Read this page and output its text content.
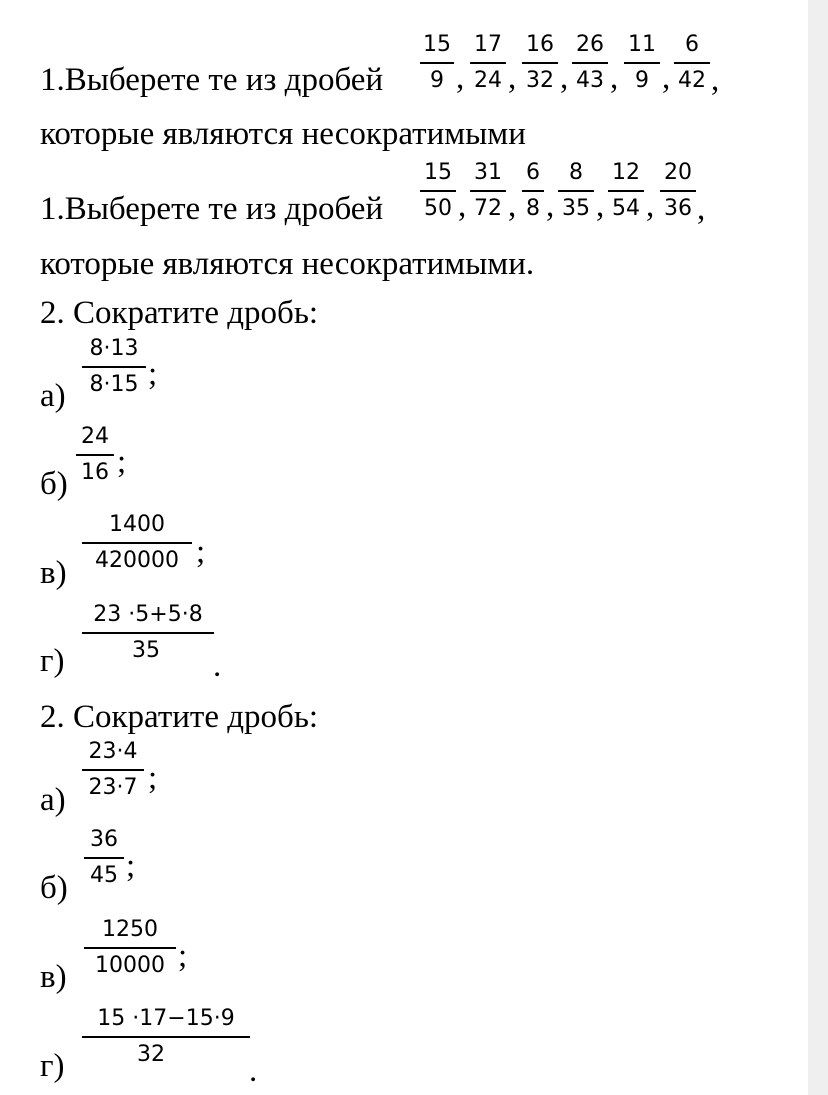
1.Выберете те из дробей
15
9 ,
17
24 ,
16
32 ,
26
43 ,
11
9 ,
6
42 ,
которые являются несократимыми
1.Выберете те из дробей
15
50 ,
31
72 ,
6
8 ,
8
35 ,
12
54 ,
20
36 ,
которые являются несократимыми.
2. Сократите дробь:
а)
8·13
8·15 ;
б)
24
16 ;
в)
1400
420000 ;
г)
23 ·5+5·8
35	.
2. Сократите дробь:
а)
23·4
23·7 ;
б)
36
45 ;
в)
1250
10000 ;
г)
15 ·17−15·9
32	.
